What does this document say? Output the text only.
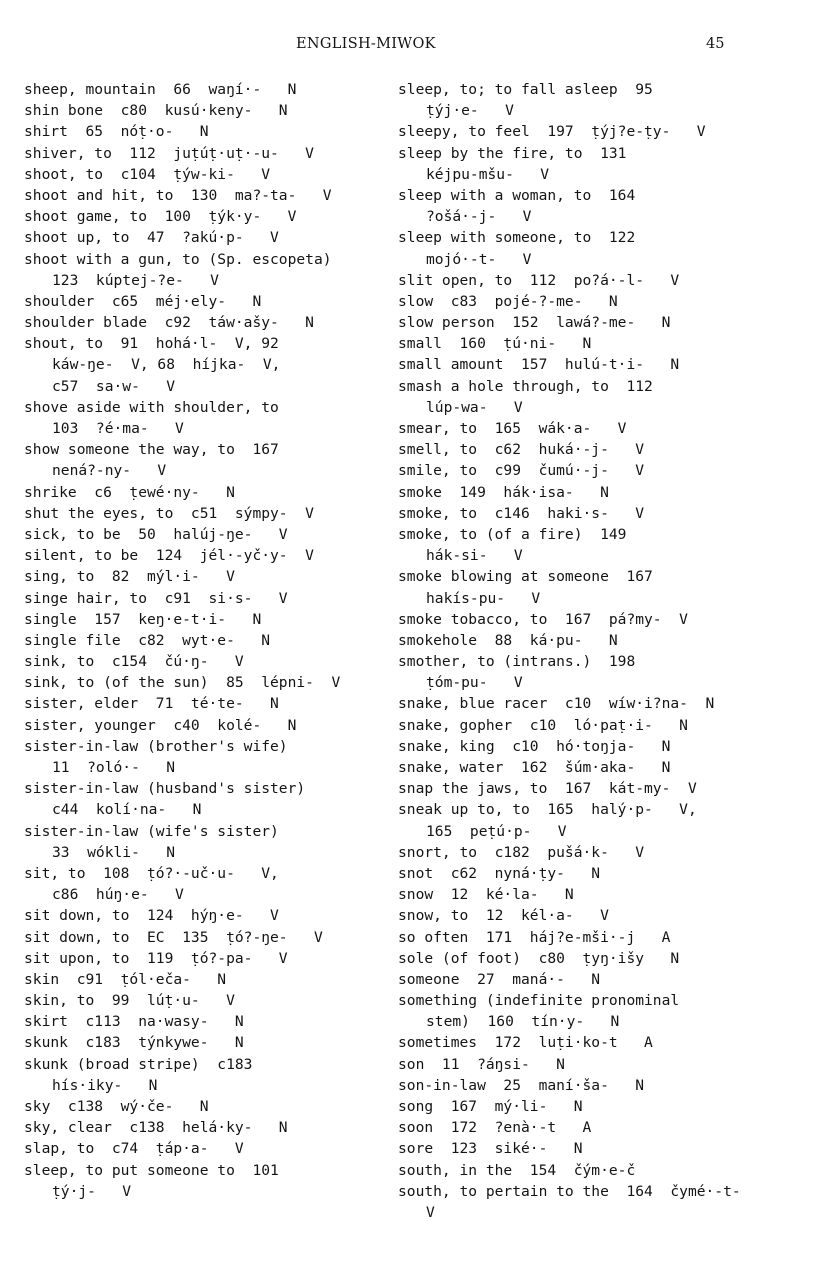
ENGLISH-MIWOK	45
sheep, mountain  66  waŋí·-   N
shin bone  c80  kusú·keny-   N
shirt  65  nóṭ·o-   N
shiver, to  112  juṭúṭ·uṭ·-u-   V
shoot, to  c104  ṭýw-ki-   V
shoot and hit, to  130  ma?-ta-   V
shoot game, to  100  ṭýk·y-   V
shoot up, to  47  ?akú·p-   V
shoot with a gun, to (Sp. escopeta)
123  kúptej-?e-   V
shoulder  c65  méj·ely-   N
shoulder blade  c92  táw·ašy-   N
shout, to  91  hohá·l-  V, 92
káw-ŋe-  V, 68  híjka-  V,
c57  sa·w-   V
shove aside with shoulder, to
103  ?é·ma-   V
show someone the way, to  167
nená?-ny-   V
shrike  c6  ṭewé·ny-   N
shut the eyes, to  c51  sýmpy-  V
sick, to be  50  halúj-ŋe-   V
silent, to be  124  jél·-yč·y-  V
sing, to  82  mýl·i-   V
singe hair, to  c91  si·s-   V
single  157  keŋ·e-t·i-   N
single file  c82  wyt·e-   N
sink, to  c154  čú·ŋ-   V
sink, to (of the sun)  85  lépni-  V
sister, elder  71  té·te-   N
sister, younger  c40  kolé-   N
sister-in-law (brother's wife)
11  ?oló·-   N
sister-in-law (husband's sister)
c44  kolí·na-   N
sister-in-law (wife's sister)
33  wókli-   N
sit, to  108  ṭó?·-uč·u-   V,
c86  húŋ·e-   V
sit down, to  124  hýŋ·e-   V
sit down, to  EC  135  ṭó?-ŋe-   V
sit upon, to  119  ṭó?-pa-   V
skin  c91  ṭól·eča-   N
skin, to  99  lúṭ·u-   V
skirt  c113  na·wasy-   N
skunk  c183  týnkywe-   N
skunk (broad stripe)  c183
hís·iky-   N
sky  c138  wý·če-   N
sky, clear  c138  helá·ky-   N
slap, to  c74  ṭáp·a-   V
sleep, to put someone to  101
ṭý·j-   V
sleep, to; to fall asleep  95
ṭýj·e-   V
sleepy, to feel  197  ṭýj?e-ṭy-   V
sleep by the fire, to  131
kéjpu-mšu-   V
sleep with a woman, to  164
?ošá·-j-   V
sleep with someone, to  122
mojó·-t-   V
slit open, to  112  po?á·-l-   V
slow  c83  pojé-?-me-   N
slow person  152  lawá?-me-   N
small  160  ṭú·ni-   N
small amount  157  hulú-t·i-   N
smash a hole through, to  112
lúp-wa-   V
smear, to  165  wák·a-   V
smell, to  c62  huká·-j-   V
smile, to  c99  čumú·-j-   V
smoke  149  hák·isa-   N
smoke, to  c146  haki·s-   V
smoke, to (of a fire)  149
hák-si-   V
smoke blowing at someone  167
hakís-pu-   V
smoke tobacco, to  167  pá?my-  V
smokehole  88  ká·pu-   N
smother, to (intrans.)  198
ṭóm-pu-   V
snake, blue racer  c10  wíw·i?na-  N
snake, gopher  c10  ló·paṭ·i-   N
snake, king  c10  hó·toŋja-   N
snake, water  162  šúm·aka-   N
snap the jaws, to  167  kát-my-  V
sneak up to, to  165  halý·p-   V,
165  peṭú·p-   V
snort, to  c182  pušá·k-   V
snot  c62  nyná·ṭy-   N
snow  12  ké·la-   N
snow, to  12  kél·a-   V
so often  171  háj?e-mši·-j   A
sole (of foot)  c80  ṭyŋ·išy   N
someone  27  maná·-   N
something (indefinite pronominal
stem)  160  tín·y-   N
sometimes  172  luṭi·ko-t   A
son  11  ?áŋsi-   N
son-in-law  25  maní·ša-   N
song  167  mý·li-   N
soon  172  ?enà·-t   A
sore  123  siké·-   N
south, in the  154  čým·e-č
south, to pertain to the  164  čymé·-t-
V
